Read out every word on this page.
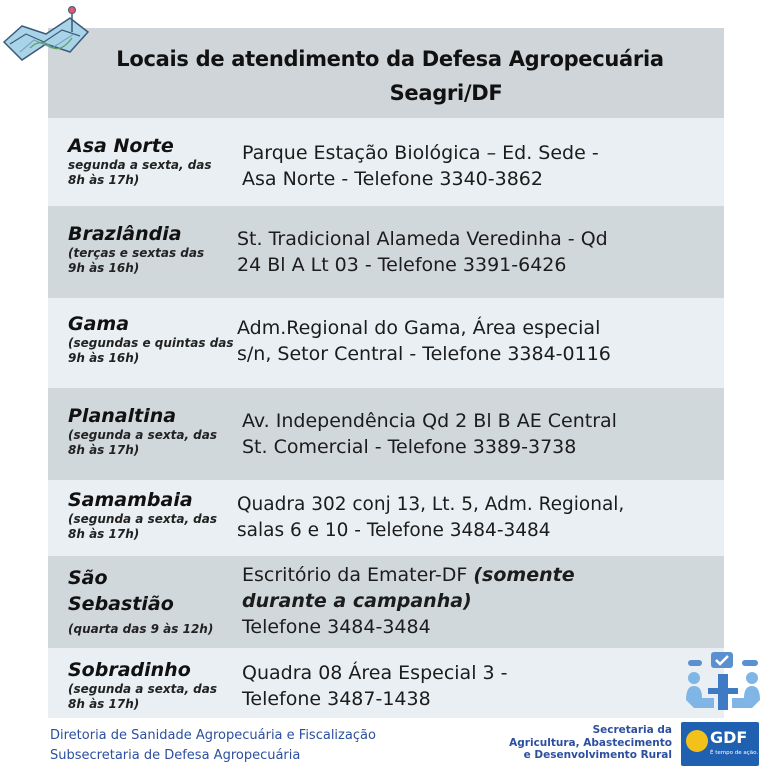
Locais de atendimento da Defesa Agropecuária
Seagri/DF
Asa Norte
segunda a sexta, das 8h às 17h)
Parque Estação Biológica – Ed. Sede -
Asa Norte - Telefone 3340-3862
Brazlândia
(terças e sextas das 9h às 16h)
St. Tradicional Alameda Veredinha - Qd
24 Bl A Lt 03 - Telefone 3391-6426
Gama
(segundas e quintas das 9h às 16h)
Adm.Regional do Gama, Área especial
s/n, Setor Central - Telefone 3384-0116
Planaltina
(segunda a sexta, das 8h às 17h)
Av. Independência Qd 2 Bl B AE Central
St. Comercial - Telefone 3389-3738
Samambaia
(segunda a sexta, das 8h às 17h)
Quadra 302 conj 13, Lt. 5, Adm. Regional,
salas 6 e 10 - Telefone 3484-3484
São
Sebastião
(quarta das 9 às 12h)
Escritório da Emater-DF (somente
durante a campanha)
Telefone 3484-3484
Sobradinho
(segunda a sexta, das 8h às 17h)
Quadra 08 Área Especial 3 -
Telefone 3487-1438
Diretoria de Sanidade Agropecuária e Fiscalização
Subsecretaria de Defesa Agropecuária
Secretaria da
Agricultura, Abastecimento
e Desenvolvimento Rural
GDF
É tempo de ação.
